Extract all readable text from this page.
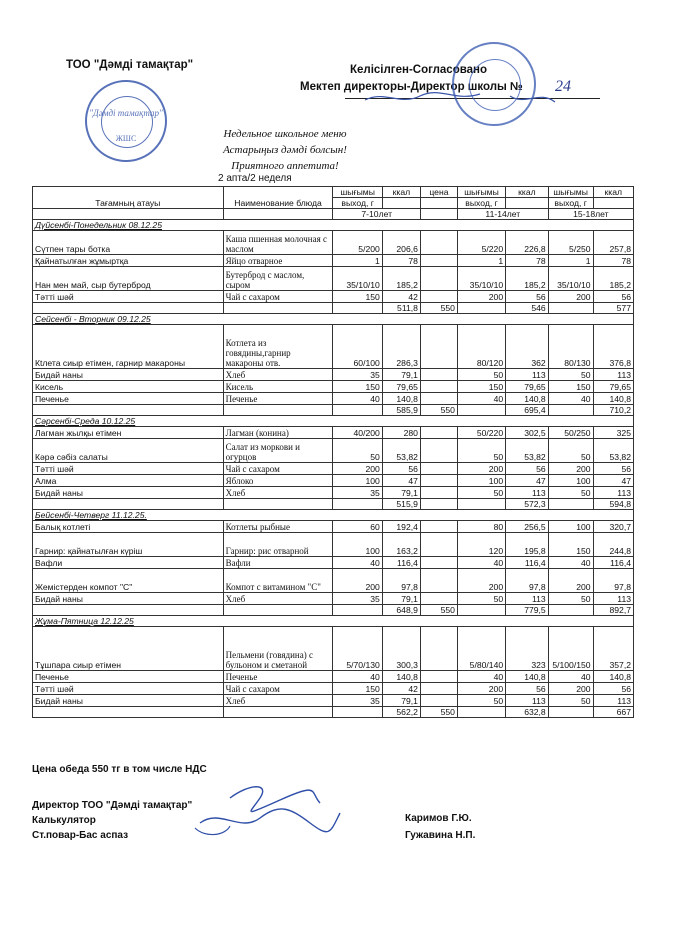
ТОО "Дәмді тамақтар"	Келісілген-Согласовано
Мектеп директоры-Директор школы № 24
"Дәмді тамақтар"
ЖШС	Недельное школьное меню
Астарыңыз дәмді болсын!
Приятного аппетита!
2 апта/2 неделя
Тағамның атауы	Наименование блюда	шығымы	ккал	цена	шығымы	ккал	шығымы	ккал
		выход, г			выход, г		выход, г	
		7-10лет			11-14лет		15-18лет	
Дүйсенбі-Понедельник 08.12.25								
Сүтпен тары ботка	Каша пшенная молочная с маслом	5/200	206,6		5/220	226,8	5/250	257,8
Қайнатылған жұмыртқа	Яйцо отварное	1	78		1	78	1	78
Нан мен май, сыр бутерброд	Бутерброд с маслом, сыром	35/10/10	185,2		35/10/10	185,2	35/10/10	185,2
Тәтті шәй	Чай с сахаром	150	42		200	56	200	56
			511,8	550		546		577
Сейсенбі - Вторник 09.12.25								
Кtлета сиыр етімен, гарнир макароны	Котлета из говядины,гарнир макароны отв.	60/100	286,3		80/120	362	80/130	376,8
Бидай наны	Хлеб	35	79,1		50	113	50	113
Кисель	Кисель	150	79,65		150	79,65	150	79,65
Печенье	Печенье	40	140,8		40	140,8	40	140,8
			585,9	550		695,4		710,2
Сәрсенбі-Среда 10.12.25								
Лагман жылқы етімен	Лагман (конина)	40/200	280		50/220	302,5	50/250	325
Кәрә сәбіз салаты	Салат из моркови и огурцов	50	53,82		50	53,82	50	53,82
Тәтті шәй	Чай с сахаром	200	56		200	56	200	56
Алма	Яблоко	100	47		100	47	100	47
Бидай наны	Хлеб	35	79,1		50	113	50	113
			515,9			572,3		594,8
Бейсенбі-Четверг 11.12.25.								
Балық котлеті	Котлеты рыбные	60	192,4		80	256,5	100	320,7
Гарнир: қайнатылған күріш	Гарнир: рис отварной	100	163,2		120	195,8	150	244,8
Вафли	Вафли	40	116,4		40	116,4	40	116,4
Жемістерден компот "С"	Компот с витамином "С"	200	97,8		200	97,8	200	97,8
Бидай наны	Хлеб	35	79,1		50	113	50	113
			648,9	550		779,5		892,7
Жұма-Пятница 12.12.25								
Тұшпара сиыр етімен	Пельмени (говядина) с бульоном и сметаной	5/70/130	300,3		5/80/140	323	5/100/150	357,2
Печенье	Печенье	40	140,8		40	140,8	40	140,8
Тәтті шәй	Чай с сахаром	150	42		200	56	200	56
Бидай наны	Хлеб	35	79,1		50	113	50	113
			562,2	550		632,8		667
Цена обеда 550 тг в том числе НДС
Директор ТОО "Дәмді тамақтар"
Калькулятор
Ст.повар-Бас аспаз
Каримов Г.Ю.
Гужавина Н.П.
